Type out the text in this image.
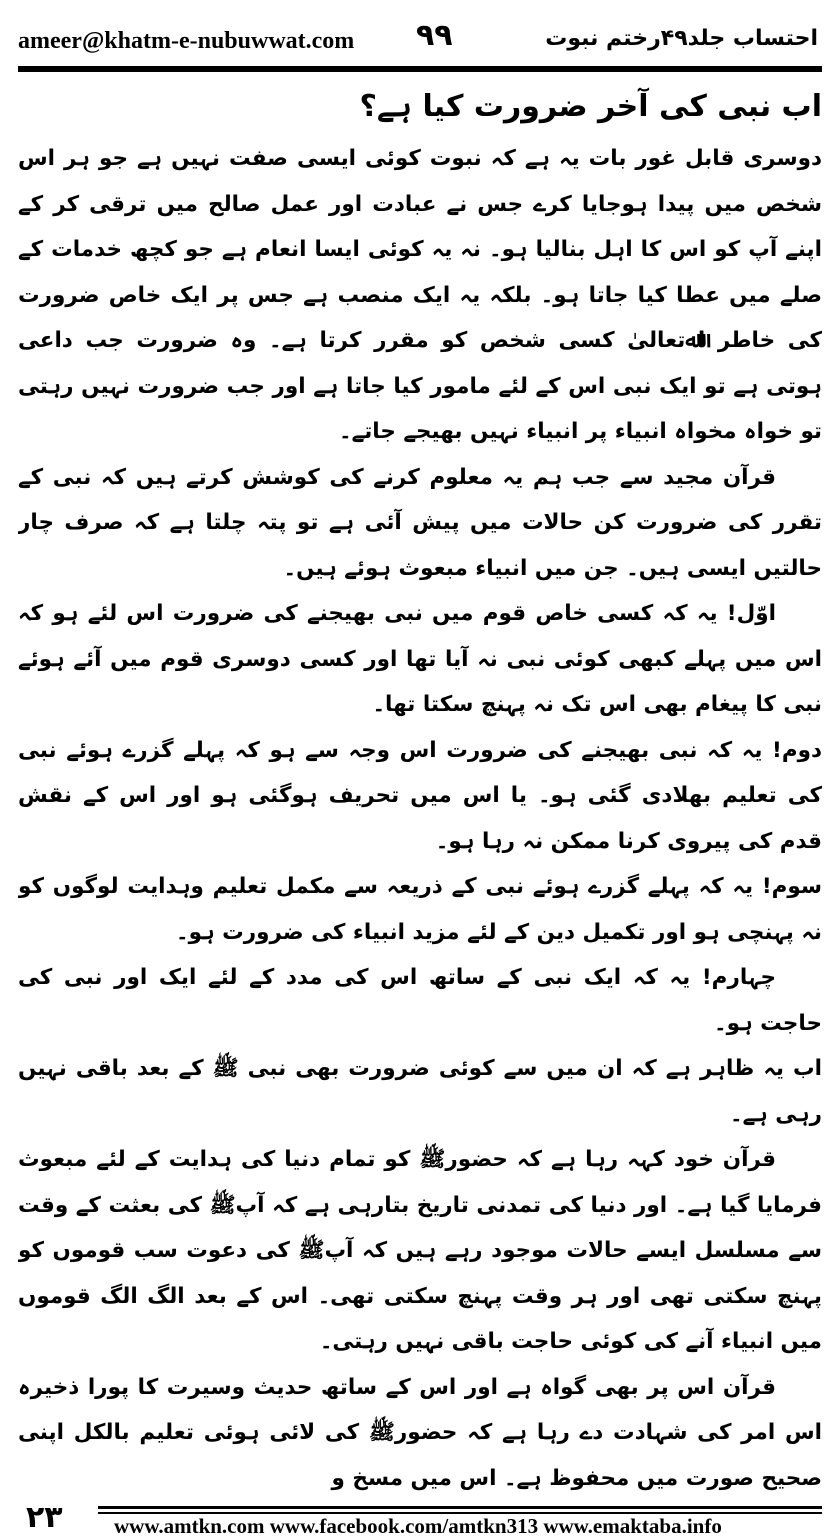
ameer@khatm-e-nubuwwat.com ۹۹	احتساب جلد۴۹رختم نبوت
اب نبی کی آخر ضرورت کیا ہے؟

دوسری قابل غور بات یہ ہے کہ نبوت کوئی ایسی صفت نہیں ہے جو ہر اس شخص میں پیدا ہوجایا کرے جس نے عبادت اور عمل صالح میں ترقی کر کے اپنے آپ کو اس کا اہل بنالیا ہو۔ نہ یہ کوئی ایسا انعام ہے جو کچھ خدمات کے صلے میں عطا کیا جاتا ہو۔ بلکہ یہ ایک منصب ہے جس پر ایک خاص ضرورت کی خاطر اﷲتعالیٰ کسی شخص کو مقرر کرتا ہے۔ وہ ضرورت جب داعی ہوتی ہے تو ایک نبی اس کے لئے مامور کیا جاتا ہے اور جب ضرورت نہیں رہتی تو خواہ مخواہ انبیاء پر انبیاء نہیں بھیجے جاتے۔

قرآن مجید سے جب ہم یہ معلوم کرنے کی کوشش کرتے ہیں کہ نبی کے تقرر کی ضرورت کن حالات میں پیش آئی ہے تو پتہ چلتا ہے کہ صرف چار حالتیں ایسی ہیں۔ جن میں انبیاء مبعوث ہوئے ہیں۔

اوّل! یہ کہ کسی خاص قوم میں نبی بھیجنے کی ضرورت اس لئے ہو کہ اس میں پہلے کبھی کوئی نبی نہ آیا تھا اور کسی دوسری قوم میں آئے ہوئے نبی کا پیغام بھی اس تک نہ پہنچ سکتا تھا۔

دوم! یہ کہ نبی بھیجنے کی ضرورت اس وجہ سے ہو کہ پہلے گزرے ہوئے نبی کی تعلیم بھلادی گئی ہو۔ یا اس میں تحریف ہوگئی ہو اور اس کے نقش قدم کی پیروی کرنا ممکن نہ رہا ہو۔

سوم! یہ کہ پہلے گزرے ہوئے نبی کے ذریعہ سے مکمل تعلیم وہدایت لوگوں کو نہ پہنچی ہو اور تکمیل دین کے لئے مزید انبیاء کی ضرورت ہو۔

چہارم! یہ کہ ایک نبی کے ساتھ اس کی مدد کے لئے ایک اور نبی کی حاجت ہو۔

اب یہ ظاہر ہے کہ ان میں سے کوئی ضرورت بھی نبی ﷺ کے بعد باقی نہیں رہی ہے۔

قرآن خود کہہ رہا ہے کہ حضورﷺ کو تمام دنیا کی ہدایت کے لئے مبعوث فرمایا گیا ہے۔ اور دنیا کی تمدنی تاریخ بتارہی ہے کہ آپﷺ کی بعثت کے وقت سے مسلسل ایسے حالات موجود رہے ہیں کہ آپﷺ کی دعوت سب قوموں کو پہنچ سکتی تھی اور ہر وقت پہنچ سکتی تھی۔ اس کے بعد الگ الگ قوموں میں انبیاء آنے کی کوئی حاجت باقی نہیں رہتی۔

قرآن اس پر بھی گواہ ہے اور اس کے ساتھ حدیث وسیرت کا پورا ذخیرہ اس امر کی شہادت دے رہا ہے کہ حضورﷺ کی لائی ہوئی تعلیم بالکل اپنی صحیح صورت میں محفوظ ہے۔ اس میں مسخ و

۲۳ www.amtkn.com www.facebook.com/amtkn313 www.emaktaba.info
